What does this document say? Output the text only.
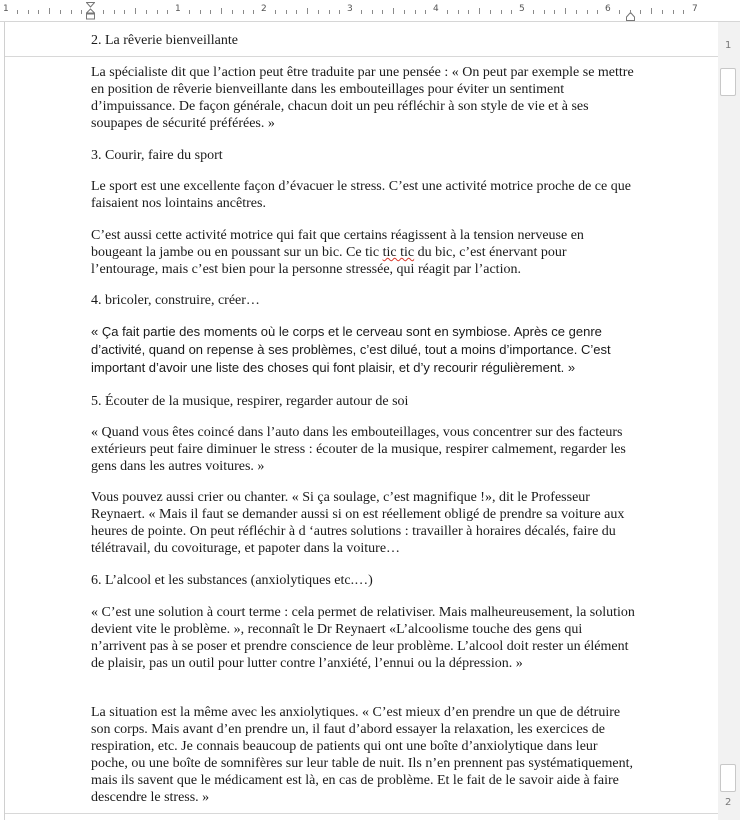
1	1	2	3	4	5	6	7
1
2
2. La rêverie bienveillante
La spécialiste dit que l’action peut être traduite par une pensée : « On peut par exemple se mettre en position de rêverie bienveillante dans les embouteillages pour éviter un sentiment d’impuissance. De façon générale, chacun doit un peu réfléchir à son style de vie et à ses soupapes de sécurité préférées. »
3. Courir, faire du sport
Le sport est une excellente façon d’évacuer le stress. C’est une activité motrice proche de ce que faisaient nos lointains ancêtres.
C’est aussi cette activité motrice qui fait que certains réagissent à la tension nerveuse en bougeant la jambe ou en poussant sur un bic. Ce tic tic tic du bic, c’est énervant pour l’entourage, mais c’est bien pour la personne stressée, qui réagit par l’action.
4. bricoler, construire, créer…
« Ça fait partie des moments où le corps et le cerveau sont en symbiose. Après ce genre d’activité, quand on repense à ses problèmes, c’est dilué, tout a moins d’importance. C’est important d’avoir une liste des choses qui font plaisir, et d’y recourir régulièrement. »
5. Écouter de la musique, respirer, regarder autour de soi
« Quand vous êtes coincé dans l’auto dans les embouteillages, vous concentrer sur des facteurs extérieurs peut faire diminuer le stress : écouter de la musique, respirer calmement, regarder les gens dans les autres voitures. »
Vous pouvez aussi crier ou chanter. « Si ça soulage, c’est magnifique !», dit le Professeur Reynaert. « Mais il faut se demander aussi si on est réellement obligé de prendre sa voiture aux heures de pointe. On peut réfléchir à d ‘autres solutions : travailler à horaires décalés, faire du télétravail, du covoiturage, et papoter dans la voiture…
6. L’alcool et les substances (anxiolytiques etc.…)
« C’est une solution à court terme : cela permet de relativiser. Mais malheureusement, la solution devient vite le problème. », reconnaît le Dr Reynaert «L’alcoolisme touche des gens qui n’arrivent pas à se poser et prendre conscience de leur problème. L’alcool doit rester un élément de plaisir, pas un outil pour lutter contre l’anxiété, l’ennui ou la dépression. »
La situation est la même avec les anxiolytiques. « C’est mieux d’en prendre un que de détruire son corps. Mais avant d’en prendre un, il faut d’abord essayer la relaxation, les exercices de respiration, etc. Je connais beaucoup de patients qui ont une boîte d’anxiolytique dans leur poche, ou une boîte de somnifères sur leur table de nuit. Ils n’en prennent pas systématiquement, mais ils savent que le médicament est là, en cas de problème. Et le fait de le savoir aide à faire descendre le stress. »
